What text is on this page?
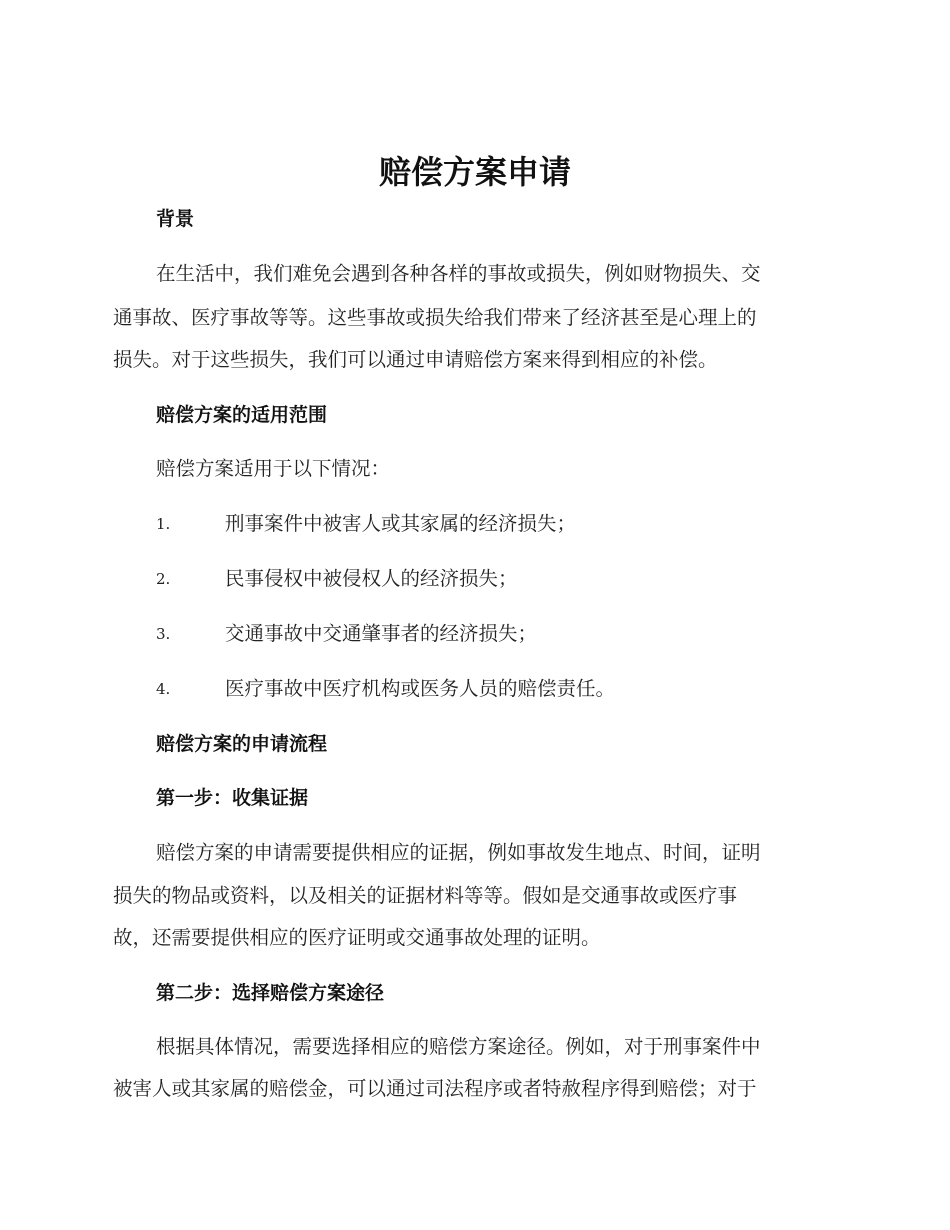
赔偿方案申请
背景

在生活中，我们难免会遇到各种各样的事故或损失，例如财物损失、交

通事故、医疗事故等等。这些事故或损失给我们带来了经济甚至是心理上的

损失。对于这些损失，我们可以通过申请赔偿方案来得到相应的补偿。

赔偿方案的适用范围

赔偿方案适用于以下情况：

1.	刑事案件中被害人或其家属的经济损失；
2.	民事侵权中被侵权人的经济损失；
3.	交通事故中交通肇事者的经济损失；
4.	医疗事故中医疗机构或医务人员的赔偿责任。
赔偿方案的申请流程
第一步：收集证据

赔偿方案的申请需要提供相应的证据，例如事故发生地点、时间，证明

损失的物品或资料，以及相关的证据材料等等。假如是交通事故或医疗事

故，还需要提供相应的医疗证明或交通事故处理的证明。

第二步：选择赔偿方案途径

根据具体情况，需要选择相应的赔偿方案途径。例如，对于刑事案件中

被害人或其家属的赔偿金，可以通过司法程序或者特赦程序得到赔偿；对于
